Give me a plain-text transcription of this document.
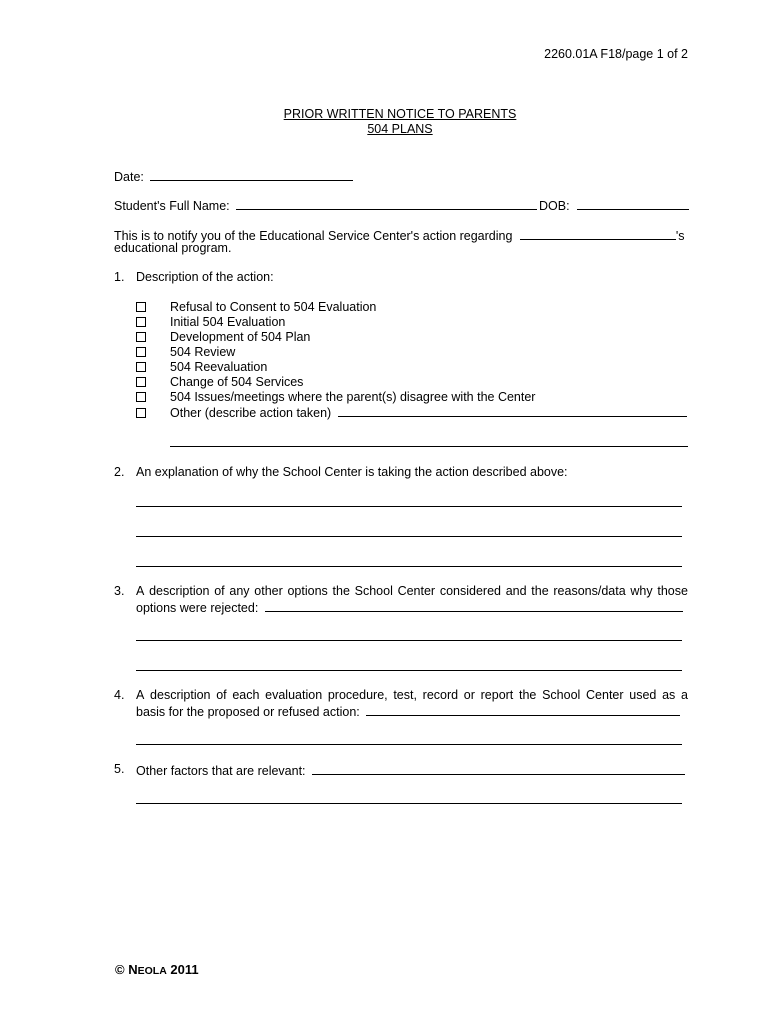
2260.01A F18/page 1 of 2
PRIOR WRITTEN NOTICE TO PARENTS
504 PLANS
Date:
Student's Full Name:	DOB:
This is to notify you of the Educational Service Center's action regarding	's
educational program.
1. Description of the action:
Refusal to Consent to 504 Evaluation
Initial 504 Evaluation
Development of 504 Plan
504 Review
504 Reevaluation
Change of 504 Services
504 Issues/meetings where the parent(s) disagree with the Center
Other (describe action taken)
2. An explanation of why the School Center is taking the action described above:
3. A description of any other options the School Center considered and the reasons/data why those
options were rejected:
4. A description of each evaluation procedure, test, record or report the School Center used as a
basis for the proposed or refused action:
5. Other factors that are relevant:
© NEOLA 2011
